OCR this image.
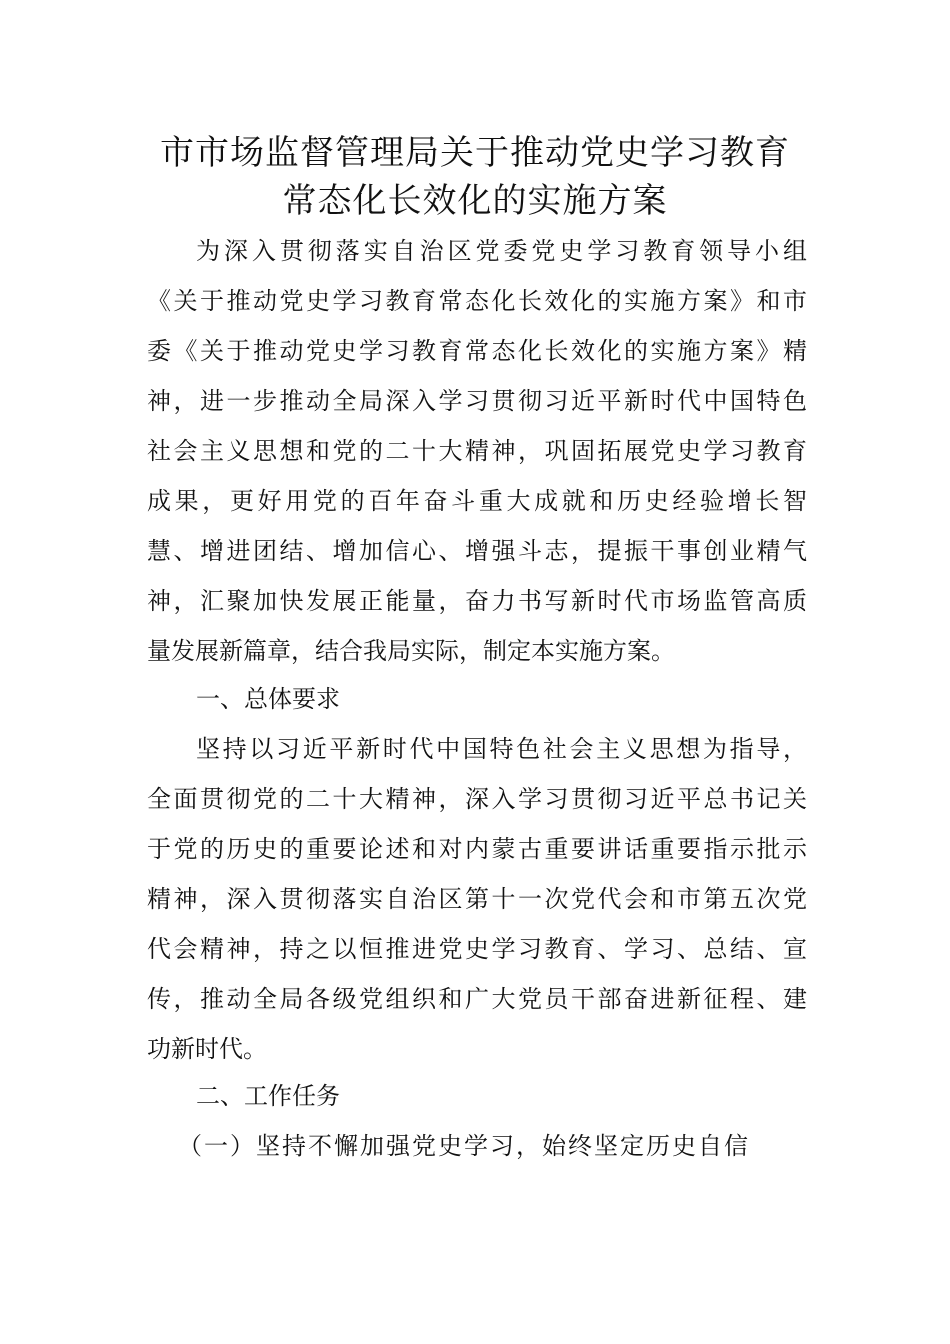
市市场监督管理局关于推动党史学习教育
常态化长效化的实施方案
为深入贯彻落实自治区党委党史学习教育领导小组
《关于推动党史学习教育常态化长效化的实施方案》和市
委《关于推动党史学习教育常态化长效化的实施方案》精
神，进一步推动全局深入学习贯彻习近平新时代中国特色
社会主义思想和党的二十大精神，巩固拓展党史学习教育
成果，更好用党的百年奋斗重大成就和历史经验增长智
慧、增进团结、增加信心、增强斗志，提振干事创业精气
神，汇聚加快发展正能量，奋力书写新时代市场监管高质
量发展新篇章，结合我局实际，制定本实施方案。
一、总体要求
坚持以习近平新时代中国特色社会主义思想为指导，
全面贯彻党的二十大精神，深入学习贯彻习近平总书记关
于党的历史的重要论述和对内蒙古重要讲话重要指示批示
精神，深入贯彻落实自治区第十一次党代会和市第五次党
代会精神，持之以恒推进党史学习教育、学习、总结、宣
传，推动全局各级党组织和广大党员干部奋进新征程、建
功新时代。
二、工作任务
（一）坚持不懈加强党史学习，始终坚定历史自信
